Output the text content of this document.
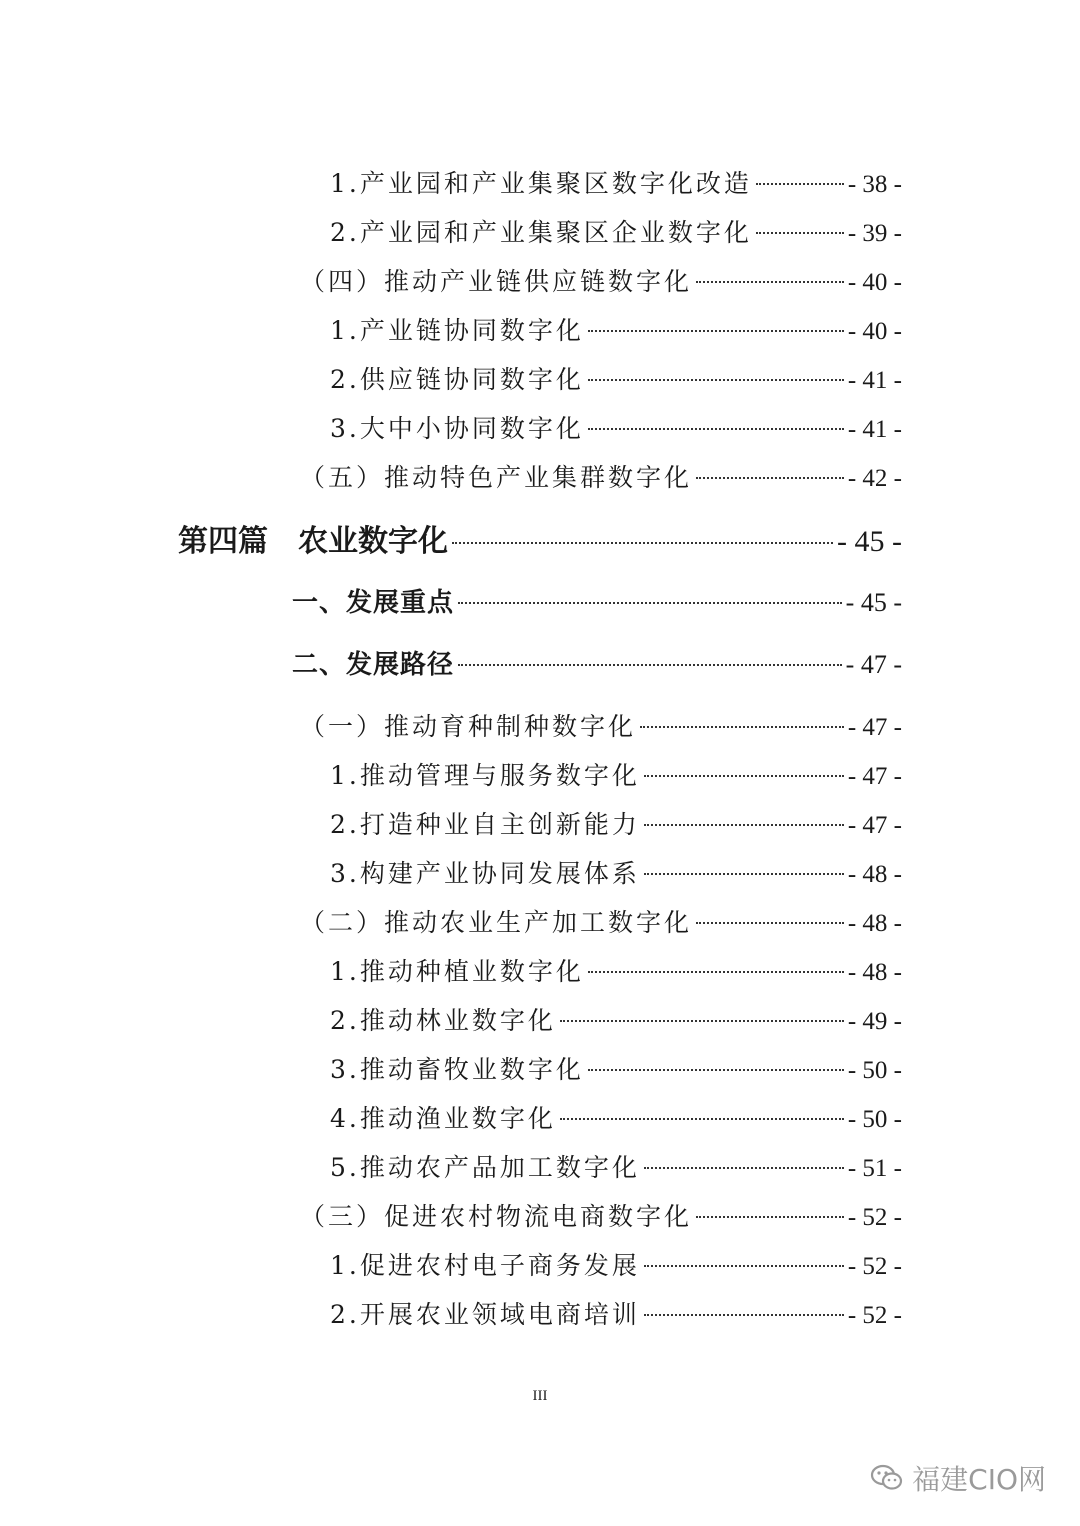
1.产业园和产业集聚区数字化改造	- 38 -
2.产业园和产业集聚区企业数字化	- 39 -
（四）推动产业链供应链数字化	- 40 -
1.产业链协同数字化	- 40 -
2.供应链协同数字化	- 41 -
3.大中小协同数字化	- 41 -
（五）推动特色产业集群数字化	- 42 -
第四篇　农业数字化	- 45 -
一、发展重点	- 45 -
二、发展路径	- 47 -
（一）推动育种制种数字化	- 47 -
1.推动管理与服务数字化	- 47 -
2.打造种业自主创新能力	- 47 -
3.构建产业协同发展体系	- 48 -
（二）推动农业生产加工数字化	- 48 -
1.推动种植业数字化	- 48 -
2.推动林业数字化	- 49 -
3.推动畜牧业数字化	- 50 -
4.推动渔业数字化	- 50 -
5.推动农产品加工数字化	- 51 -
（三）促进农村物流电商数字化	- 52 -
1.促进农村电子商务发展	- 52 -
2.开展农业领域电商培训	- 52 -
III
福建CIO网
